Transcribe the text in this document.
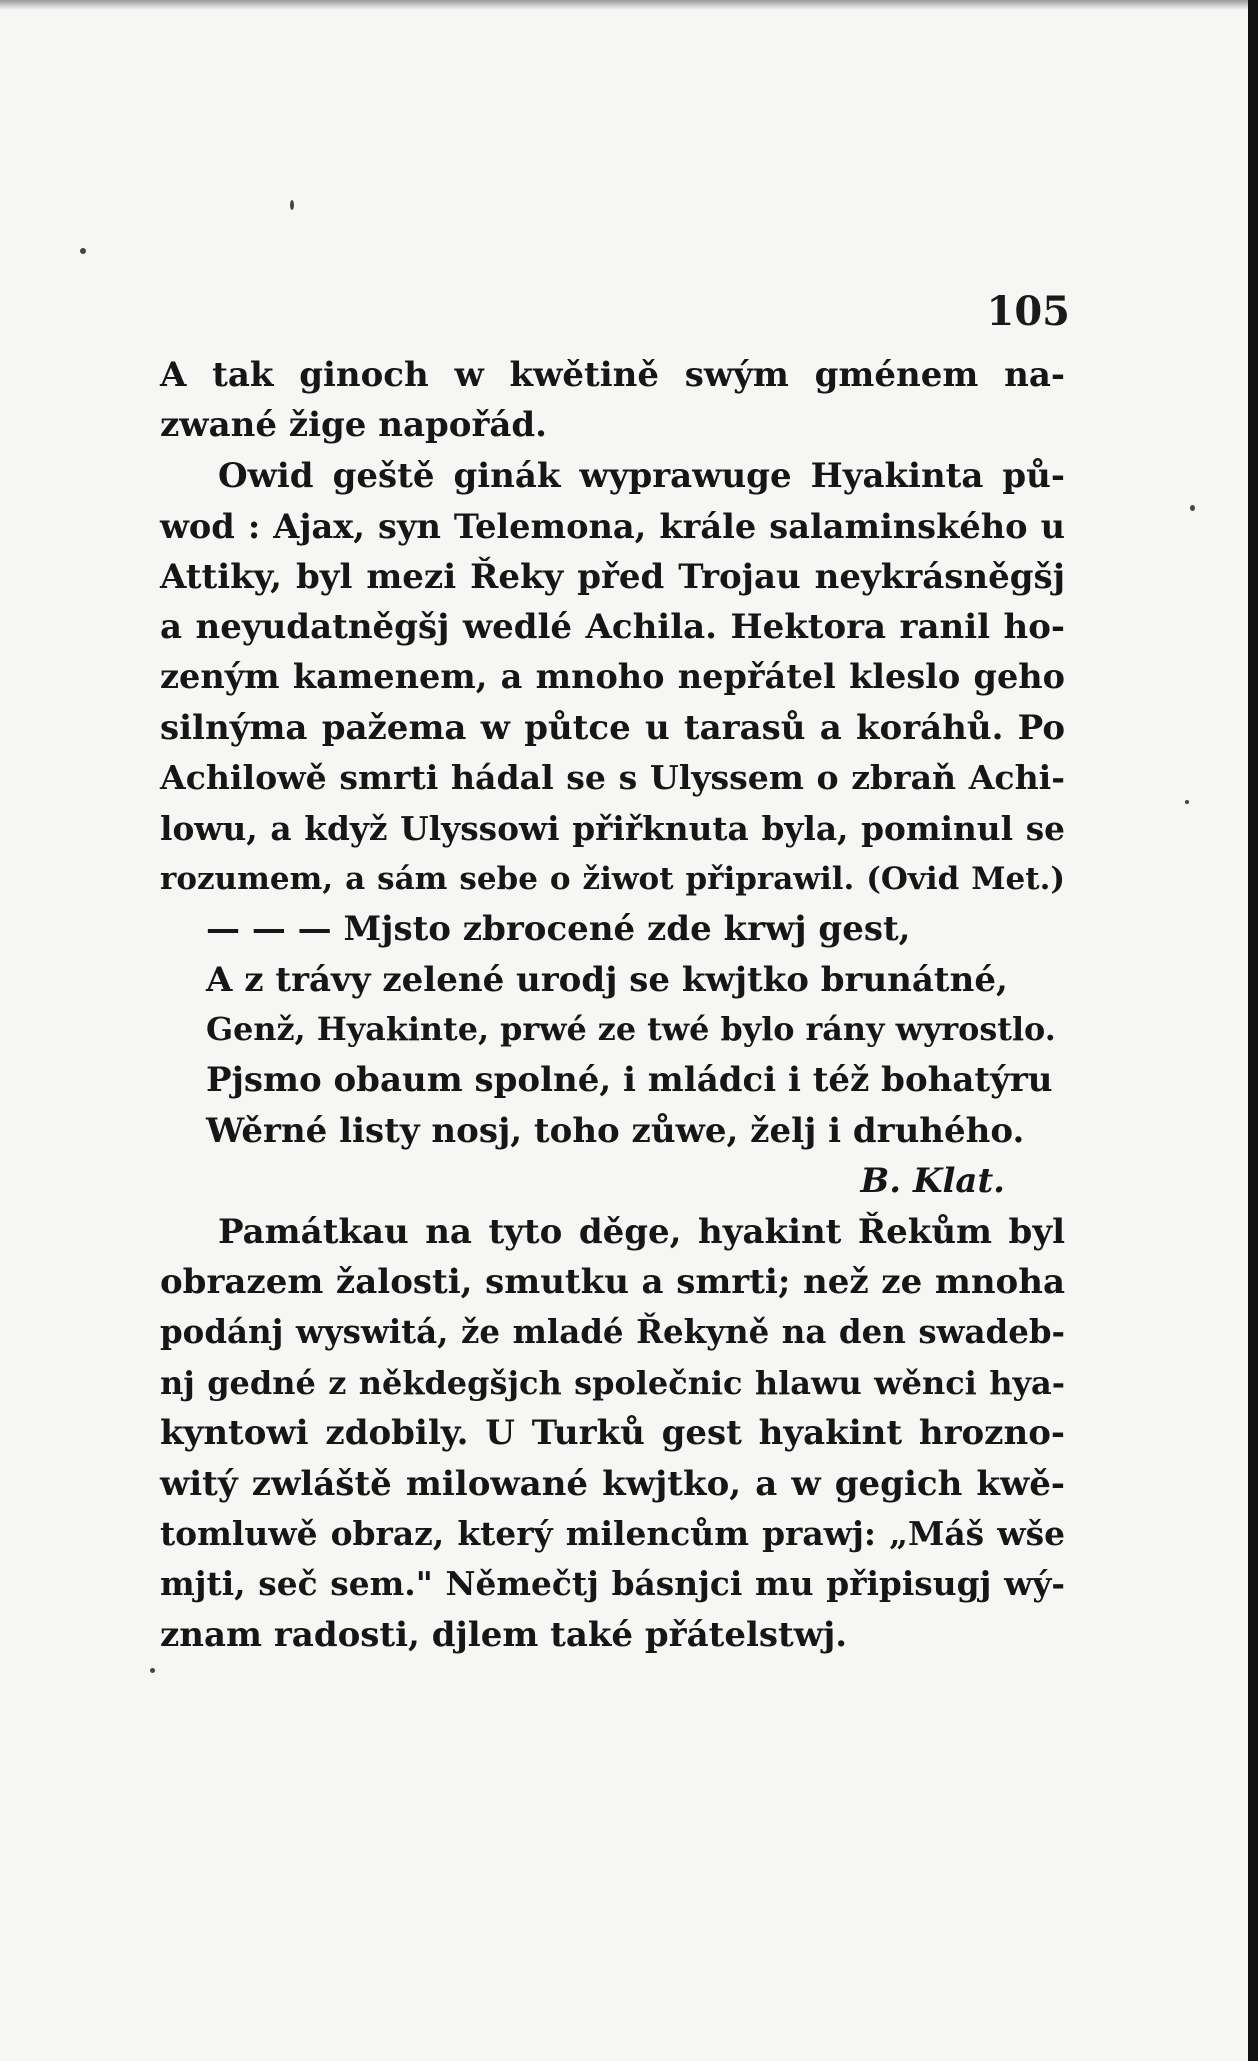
105
A tak ginoch w kwětině swým gménem na-
zwané žige napořád.
Owid geště ginák wyprawuge Hyakinta pů-
wod : Ajax, syn Telemona, krále salaminského u
Attiky, byl mezi Řeky před Trojau neykrásněgšj
a neyudatněgšj wedlé Achila. Hektora ranil ho-
zeným kamenem, a mnoho nepřátel kleslo geho
silnýma pažema w půtce u tarasů a koráhů. Po
Achilowě smrti hádal se s Ulyssem o zbraň Achi-
lowu, a když Ulyssowi přiřknuta byla, pominul se
rozumem, a sám sebe o žiwot připrawil. (Ovid Met.)
— — — Mjsto zbrocené zde krwj gest,
A z trávy zelené urodj se kwjtko brunátné,
Genž, Hyakinte, prwé ze twé bylo rány wyrostlo.
Pjsmo obaum spolné, i mládci i též bohatýru
Wěrné listy nosj, toho zůwe, želj i druhého.
B. Klat.
Památkau na tyto děge, hyakint Řekům byl
obrazem žalosti, smutku a smrti; než ze mnoha
podánj wyswitá, že mladé Řekyně na den swadeb-
nj gedné z někdegšjch společnic hlawu wěnci hya-
kyntowi zdobily. U Turků gest hyakint hrozno-
witý zwláště milowané kwjtko, a w gegich kwě-
tomluwě obraz, který milencům prawj: „Máš wše
mjti, seč sem." Němečtj básnjci mu připisugj wý-
znam radosti, djlem také přátelstwj.
